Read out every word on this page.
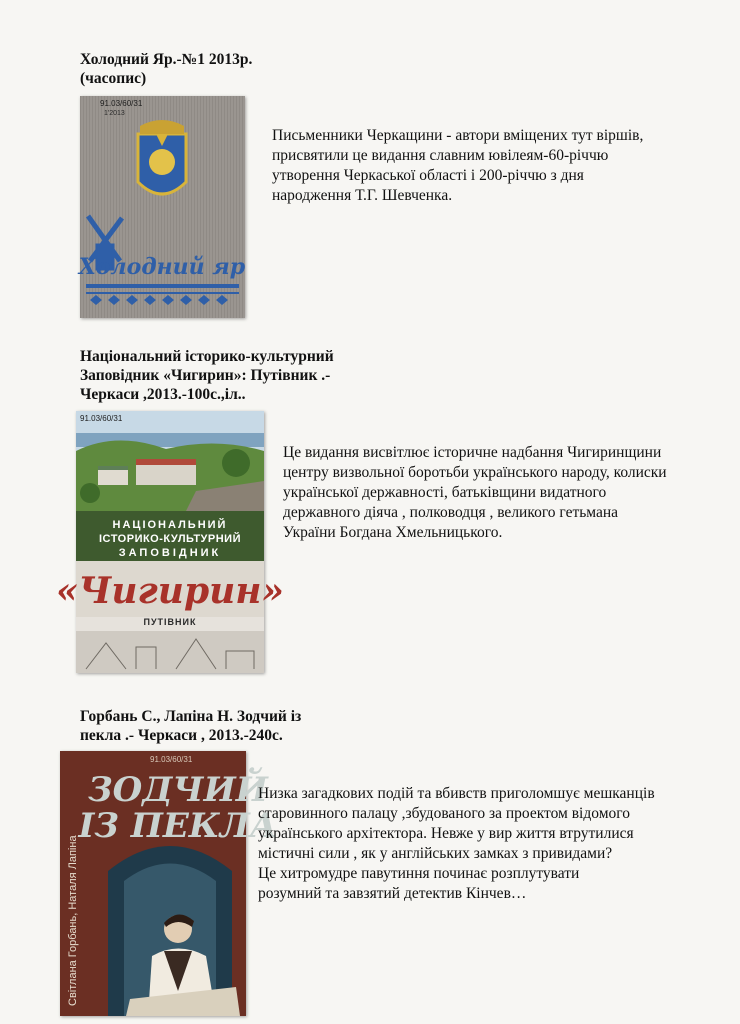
Холодний Яр.-№1 2013р.
(часопис)
91.03/60/31
1'2013
Холодний яр
Письменники Черкащини - автори вміщених тут віршів,
присвятили це видання славним ювілеям-60-річчю
утворення Черкаської області і 200-річчю з дня
народження Т.Г. Шевченка.
Національний історико-культурний
Заповідник «Чигирин»: Путівник .-
Черкаси ,2013.-100с.,іл..
91.03/60/31
НАЦІОНАЛЬНИЙ
ІСТОРИКО-КУЛЬТУРНИЙ
ЗАПОВІДНИК
«Чигирин»
ПУТІВНИК
Це видання висвітлює історичне надбання Чигиринщини
центру визвольної боротьби українського народу, колиски
української державності, батьківщини видатного
державного діяча , полководця , великого гетьмана
України Богдана Хмельницького.
Горбань С., Лапіна Н. Зодчий із
пекла .- Черкаси , 2013.-240с.
ЗОДЧИЙ
ІЗ ПЕКЛА
91.03/60/31
Світлана Горбань, Наталя Лапіна
Низка загадкових подій та вбивств приголомшує мешканців
старовинного палацу ,збудованого за проектом відомого
українського архітектора. Невже у вир життя втрутилися
містичні сили , як у англійських замках з привидами?
Це хитромудре павутиння починає розплутувати
розумний та завзятий детектив Кінчев…
